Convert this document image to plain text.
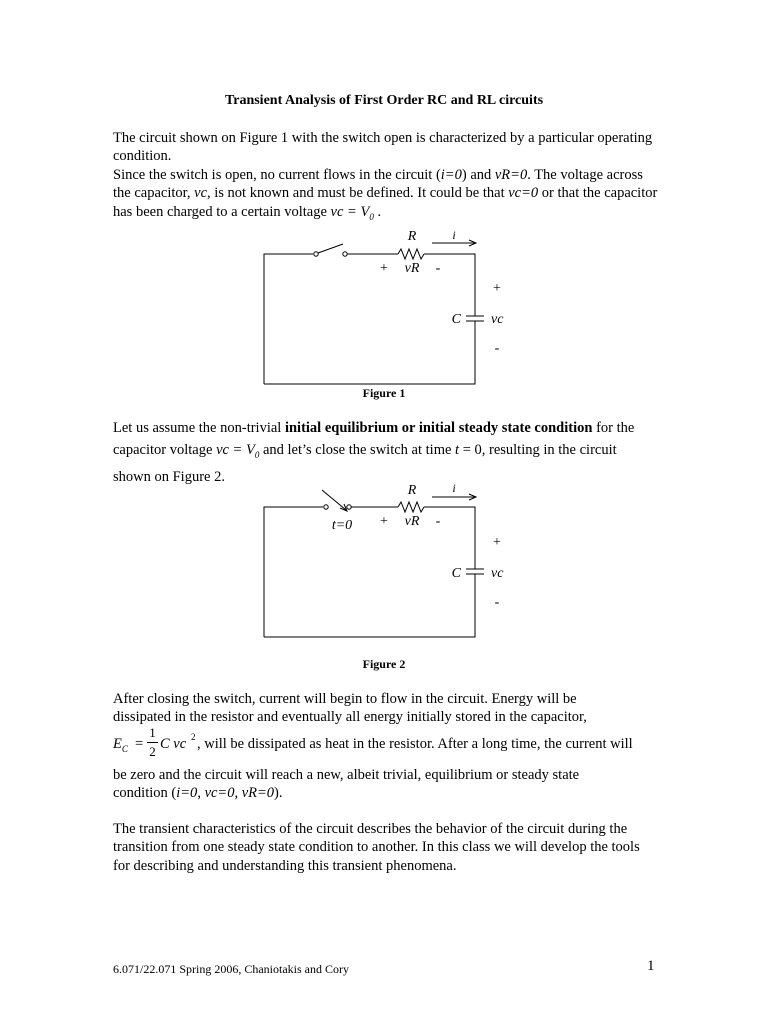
Transient Analysis of First Order RC and RL circuits
The circuit shown on Figure 1 with the switch open is characterized by a particular operating condition.
Since the switch is open, no current flows in the circuit (i=0) and vR=0. The voltage across the capacitor, vc, is not known and must be defined. It could be that vc=0 or that the capacitor has been charged to a certain voltage vc = $V_0$ .
R	i
+ vR -
+
C vc
-
Figure 1
Let us assume the non-trivial initial equilibrium or initial steady state condition for the capacitor voltage vc = $V_0$ and let’s close the switch at time t = 0, resulting in the circuit shown on Figure 2.
R	i
t=0 + vR -
+
C vc
-
Figure 2
After closing the switch, current will begin to flow in the circuit. Energy will be
dissipated in the resistor and eventually all energy initially stored in the capacitor,
$E_C$ =
1
2 C vc 2 , will be dissipated as heat in the resistor. After a long time, the current will
be zero and the circuit will reach a new, albeit trivial, equilibrium or steady state
condition (i=0, vc=0, vR=0).
The transient characteristics of the circuit describes the behavior of the circuit during the transition from one steady state condition to another. In this class we will develop the tools for describing and understanding this transient phenomena.
6.071/22.071 Spring 2006, Chaniotakis and Cory	1
